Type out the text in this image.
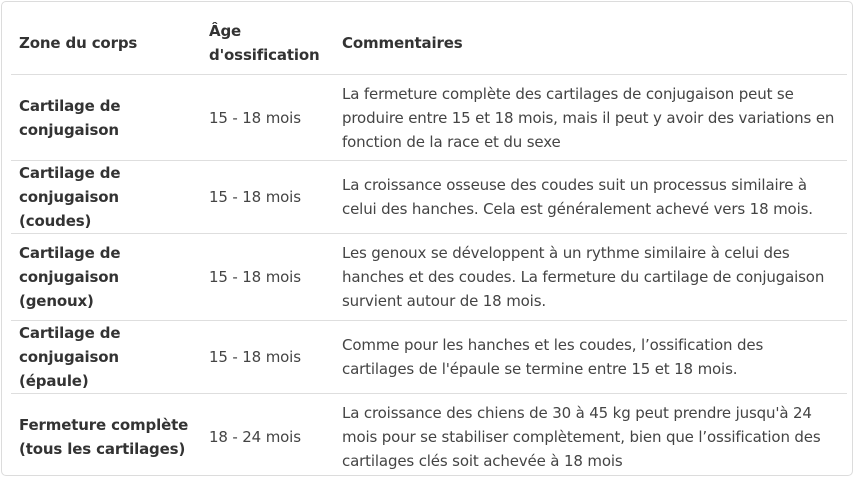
Zone du corps	Âge d'ossification	Commentaires
Cartilage de conjugaison	15 - 18 mois	La fermeture complète des cartilages de conjugaison peut se produire entre 15 et 18 mois, mais il peut y avoir des variations en fonction de la race et du sexe
Cartilage de conjugaison (coudes)	15 - 18 mois	La croissance osseuse des coudes suit un processus similaire à celui des hanches. Cela est généralement achevé vers 18 mois.
Cartilage de conjugaison (genoux)	15 - 18 mois	Les genoux se développent à un rythme similaire à celui des hanches et des coudes. La fermeture du cartilage de conjugaison survient autour de 18 mois.
Cartilage de conjugaison (épaule)	15 - 18 mois	Comme pour les hanches et les coudes, l’ossification des cartilages de l'épaule se termine entre 15 et 18 mois.
Fermeture complète (tous les cartilages)	18 - 24 mois	La croissance des chiens de 30 à 45 kg peut prendre jusqu'à 24 mois pour se stabiliser complètement, bien que l’ossification des cartilages clés soit achevée à 18 mois
